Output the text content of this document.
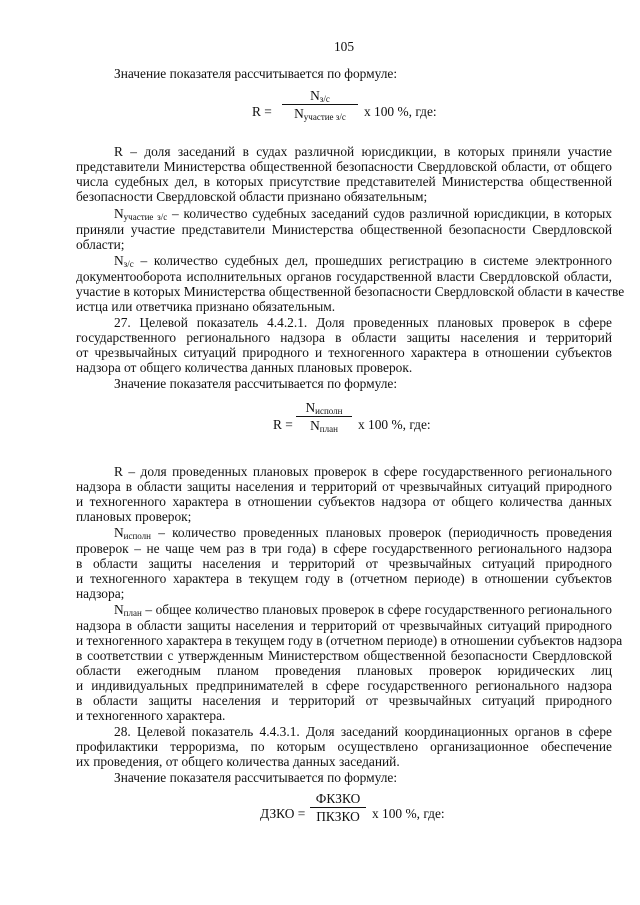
105
Значение показателя рассчитывается по формуле:
R =
$N_{з/с}$
$N_{участие з/с}$	x 100 %, где:
R – доля заседаний в судах различной юрисдикции, в которых приняли участие
представители Министерства общественной безопасности Свердловской области, от общего
числа судебных дел, в которых присутствие представителей Министерства общественной
безопасности Свердловской области признано обязательным;
$N_{участие з/с}$ – количество судебных заседаний судов различной юрисдикции, в которых
приняли участие представители Министерства общественной безопасности Свердловской
области;
$N_{з/с}$ – количество судебных дел, прошедших регистрацию в системе электронного
документооборота исполнительных органов государственной власти Свердловской области,
участие в которых Министерства общественной безопасности Свердловской области в качестве
истца или ответчика признано обязательным.
27. Целевой показатель 4.4.2.1. Доля проведенных плановых проверок в сфере
государственного регионального надзора в области защиты населения и территорий
от чрезвычайных ситуаций природного и техногенного характера в отношении субъектов
надзора от общего количества данных плановых проверок.
Значение показателя рассчитывается по формуле:
R =
$N_{исполн}$
$N_{план}$	x 100 %, где:
R – доля проведенных плановых проверок в сфере государственного регионального
надзора в области защиты населения и территорий от чрезвычайных ситуаций природного
и техногенного характера в отношении субъектов надзора от общего количества данных
плановых проверок;
$N_{исполн}$ – количество проведенных плановых проверок (периодичность проведения
проверок – не чаще чем раз в три года) в сфере государственного регионального надзора
в области защиты населения и территорий от чрезвычайных ситуаций природного
и техногенного характера в текущем году в (отчетном периоде) в отношении субъектов
надзора;
$N_{план}$ – общее количество плановых проверок в сфере государственного регионального
надзора в области защиты населения и территорий от чрезвычайных ситуаций природного
и техногенного характера в текущем году в (отчетном периоде) в отношении субъектов надзора
в соответствии с утвержденным Министерством общественной безопасности Свердловской
области ежегодным планом проведения плановых проверок юридических лиц
и индивидуальных предпринимателей в сфере государственного регионального надзора
в области защиты населения и территорий от чрезвычайных ситуаций природного
и техногенного характера.
28. Целевой показатель 4.4.3.1. Доля заседаний координационных органов в сфере
профилактики терроризма, по которым осуществлено организационное обеспечение
их проведения, от общего количества данных заседаний.
Значение показателя рассчитывается по формуле:
ДЗКО =
ФКЗКО
ПКЗКО x 100 %, где:
